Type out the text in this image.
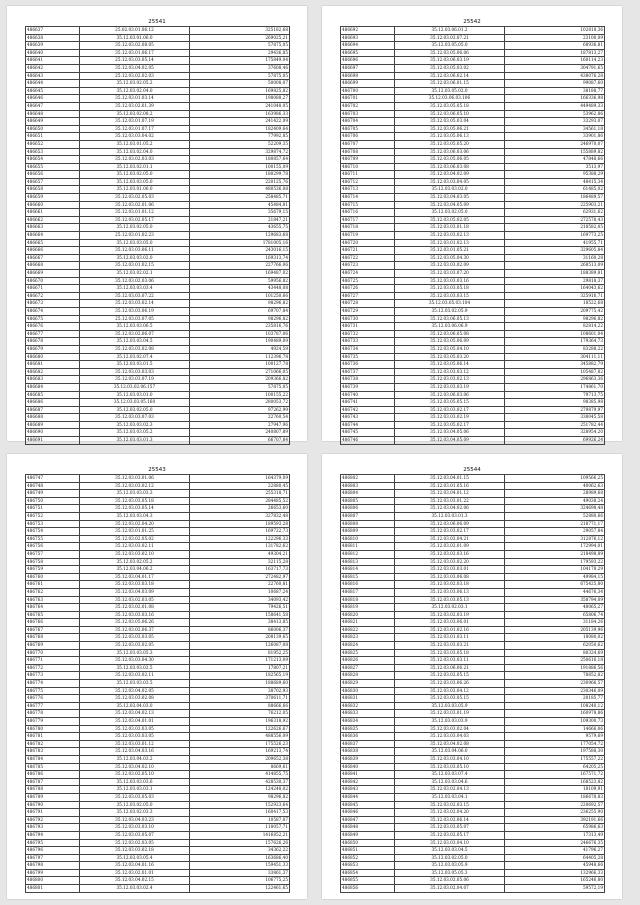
25541
486637	25.02.03.01.06.12	325182,68
486638	35.12.03.01.06.0	269025,21
486639	35.12.03.02.08.05	57875,05
486640	35.12.03.01.06.17	29436,85
486641	25.12.03.03.05.14	175849,04
486642	35.12.03.04.02.05	37608,46
486643	25.12.03.02.02.03	57875,05
486644	35.12.03.02.05.2	50008,07
486645	35.12.03.02.04.0	169825,82
486646	35.12.03.01.03.14	198088,27
486647	35.12.03.02.01.39	241048,05
486648	35.12.03.02.08.2	163986,33
486649	35.12.03.01.07.19	241422,09
486650	35.12.03.01.07.17	182409,64
486651	35.12.03.03.04.02	77992,85
486652	35.12.03.01.05.2	52209,35
486653	35.12.03.02.04.0	329874,72
486654	35.12.03.02.03.03	180857,64
486655	35.12.03.02.01.1	100155,09
486656	35.12.03.02.05.0	180299,78
486657	35.12.03.03.05.0	220125,76
486658	35.12.03.01.06.0	480536,08
486659	35.12.03.02.05.03	258485,71
486660	35.12.03.02.01.06	45484,81
486661	35.12.03.01.01.12	35679,15
486662	35.12.03.02.05.17	21847,21
486663	35.12.03.02.05.0	43655,75
486664	25.12.03.01.02.23	129683,68
486665	35.12.03.03.05.0	1781005,16
486666	35.12.03.03.06.11	243016,15
486667	35.12.03.03.02.0	169313,74
486668	35.12.03.01.02.15	227766,06
486669	35.12.03.02.02.1	169487,02
486670	35.12.03.02.03.06	59956,82
486671	35.12.03.03.03.4	43448,08
486672	35.12.03.03.07.22	101250,66
486673	35.12.03.03.02.14	98296,82
486674	35.12.03.03.06.19	69707,84
486675	25.12.03.03.07.05	98296,82
486676	35.12.03.03.06.5	235816,76
486677	35.12.03.02.06.07	103787,06
486678	35.12.03.03.04.5	190489,09
486679	35.12.03.03.02.08	4924,59
486680	35.12.03.02.07.4	112396,78
486681	35.12.03.03.01.5	100127,78
486682	35.12.03.03.03.03	271066,05
486683	35.12.03.03.07.19	209366,82
486684	35.12.03.02.06.157	57875,05
486685	35.12.03.03.01.0	100155,22
486686	35.12.03.03.05.160	280053,72
486687	35.12.03.02.05.0	97262,99
486688	35.12.03.03.07.03	22760,54
486689	35.12.03.03.02.3	27947,96
486690	35.12.03.03.05.2	240807,89
486691	35.12.03.03.01.3	66707,84
25542
486692	35.12.03.06.01.2	102818,36
486693	35.12.03.02.07.21	23100,09
486694	35.12.03.05.05.0	68936,81
486695	35.12.03.05.06.06	187813,27
486696	35.12.03.06.03.19	160114,23
486697	35.12.03.05.03.02	304791,65
486698	35.12.03.06.02.14	438076,28
486699	35.12.03.06.01.15	99087,60
486700	35.12.03.05.02.0	38188,77
486701	35.12.03.06.03.106	166336,98
486702	35.12.03.05.05.18	449489,33
486703	35.12.03.06.05.10	53962,86
486704	35.12.03.05.03.04	33293,07
486705	35.12.03.05.06.21	34561,18
486706	35.12.03.05.06.13	33901,86
486707	35.12.03.05.05.20	246970,07
486708	35.12.03.06.03.06	155889,82
486709	35.12.03.05.06.05	47848,66
486710	35.12.03.06.03.08	3513,97
486711	35.12.03.04.02.09	95388,29
486712	35.12.03.03.04.05	48415,34
486713	35.12.03.03.02.0	61485,02
486714	35.12.03.04.03.05	186489,57
486715	35.12.03.04.05.09	225903,21
486716	35.12.03.02.05.0	62931,62
486717	35.12.03.05.02.05	272578,43
486718	35.12.03.03.01.18	218582,05
486719	35.12.03.03.02.13	169773,25
486720	35.12.03.01.02.13	41955,71
486721	35.12.03.01.05.21	329605,84
486722	35.12.03.05.04.30	31160,28
486723	35.12.03.03.02.09	268513,09
486724	35.12.03.03.07.20	188389,81
486725	35.12.03.03.03.16	29818,37
486726	35.12.03.03.05.18	164043,62
486727	35.12.03.03.03.15	325916,71
486728	35.12.03.05.03.104	18522,68
486729	35.12.03.02.05.9	209775,42
486730	35.12.03.06.05.13	98296,82
486731	35.12.03.06.06.9	82814,22
486732	35.12.03.06.05.08	108601,04
486733	35.12.03.05.06.09	179364,73
486734	35.12.03.05.04.10	83288,22
486735	35.12.03.05.03.20	304111,11
486736	35.12.03.05.06.14	345882,79
486737	35.12.03.03.03.12	105487,82
486738	35.12.03.03.02.13	296863,36
486739	35.12.03.03.03.19	174861,70
486740	35.12.03.06.03.06	79713,75
486741	35.12.03.05.05.15	98385,98
486742	35.12.03.03.02.17	279879,97
486743	35.12.03.03.02.19	338045,58
486744	35.12.03.05.02.17	251782,44
486745	35.12.03.04.05.06	328954,20
486746	35.12.03.04.05.09	69926,24
25543
486747	35.12.03.03.01.06	164379,09
486748	35.12.03.03.02.12	22880,45
486749	35.12.03.03.03.3	255318,71
486750	35.12.03.03.05.18	284485,52
486751	35.12.03.03.05.14	26653,60
486752	35.12.03.03.04.3	327832,48
486753	35.12.03.02.04.20	189593,28
486754	35.12.03.01.01.25	169722,73
486755	35.12.03.02.05.02	122296,33
486756	35.12.03.03.02.11	131782,62
486757	35.12.03.03.02.10	49304,21
486758	35.12.03.02.05.2	32115,28
486759	35.12.03.04.06.2	163717,73
486760	35.12.03.04.01.17	272482,97
486761	35.12.03.03.03.18	22760,81
486762	35.12.03.04.03.09	10687,24
486763	35.12.03.02.03.05	34093,42
486764	35.12.03.02.01.08	79426,51
486765	35.12.03.03.03.16	158641,58
486766	35.12.03.05.06.26	38413,85
486767	35.12.03.02.06.37	86006,37
486768	35.12.03.03.03.05	208139,65
486769	35.12.03.03.02.05	126087,08
486770	35.12.03.03.05.3	81952,25
486771	35.12.03.03.04.30	171213,09
486772	35.12.03.03.02.5	17807,21
486773	35.12.03.03.02.11	182565,19
486774	35.12.03.03.03.5	188689,60
486775	35.12.03.04.02.05	38702,93
486776	35.12.03.03.02.08	370611,71
486777	35.12.03.04.03.0	88666,66
486778	35.12.03.04.02.13	76212,05
486779	35.12.03.04.01.01	196318,92
486780	35.12.03.03.03.05	122626,67
486781	35.12.03.03.03.05	488556,09
486782	35.12.03.03.01.12	175526,23
486783	35.12.03.04.03.16	169213,74
486784	35.12.03.04.03.2	209652,38
486785	35.12.03.04.02.10	8669,61
486786	35.12.03.02.05.10	414855,75
486787	35.12.03.03.03.6	428530,37
486788	35.12.03.03.03.1	124248,02
486789	35.12.03.03.05.03	98296,82
486790	35.12.03.02.05.0	152923,64
486791	35.12.03.02.03.3	160417,53
486792	35.12.03.04.03.23	10587,07
486793	35.12.03.03.03.10	118057,71
486794	35.12.03.03.05.07	1416852,21
486795	35.12.03.02.03.05	157626,26
486796	35.12.03.03.02.18	34362,22
486797	35.12.03.03.05.4	163686,40
486798	35.12.03.04.01.16	159451,33
486799	35.12.03.02.01.01	33861,37
486800	35.12.03.04.02.15	106775,25
486801	35.12.03.03.02.4	122461,65
25544
486802	35.12.03.04.01.15	109566,25
486803	35.12.03.01.05.16	40062,63
486804	35.12.03.04.01.12	28989,68
486805	35.12.03.03.01.22	49038,24
486806	35.12.03.04.02.06	324698,48
486807	35.12.03.03.01.3	52880,66
486808	35.12.03.06.06.09	218771,17
486809	35.12.03.03.02.17	29057,84
486810	35.12.03.02.04.21	312876,12
486811	35.12.03.02.01.09	172994,01
486812	35.12.03.02.03.16	218498,89
486813	35.12.03.03.02.20	179593,22
486814	35.12.03.03.03.01	104178,29
486815	35.12.03.03.06.08	49984,15
486816	35.12.03.02.03.18	675425,80
486817	35.12.03.03.06.13	44676,34
486818	35.12.03.03.05.13	358794,09
486819	35.12.03.02.03.1	48065,27
486820	35.12.03.02.03.19	65806,74
486821	35.12.03.03.06.01	31184,26
486822	35.12.03.01.02.16	205139,96
486823	35.12.03.01.03.11	18080,02
486824	35.12.03.03.03.21	62050,62
486825	35.12.03.03.05.18	80324,69
486826	35.12.03.03.03.11	250616,18
486827	35.12.03.06.06.21	191886,56
486828	35.12.03.02.05.15	78852,82
486829	35.12.03.03.06.26	230966,57
486830	35.12.03.02.04.12	230346,09
486831	35.12.03.03.05.15	20185,77
486832	35.12.03.03.05.9	108240,12
486833	35.12.03.03.01.19	160978,86
486834	35.12.03.03.03.9	109300,73
486835	35.12.03.03.02.04	14666,06
486836	35.12.03.03.04.03	9579,69
486837	35.12.03.04.02.08	177054,72
486838	35.12.03.04.06.0	197588,30
486839	35.12.03.03.04.10	175557,22
486840	35.12.03.03.05.10	64205,25
486841	35.12.03.03.07.4	167571,72
486842	35.12.03.03.04.6	168523,82
486843	35.12.03.02.04.13	18109,91
486844	35.12.03.03.04.1	186678,83
486845	35.12.03.02.03.15	220692,57
486846	35.12.03.02.04.20	236255,90
486847	35.12.03.02.06.14	392191,66
486848	35.12.03.03.05.07	65986,63
486849	35.12.03.02.05.17	17313,49
486850	35.12.03.03.04.10	246676,35
486851	35.12.03.03.04.5	41796,27
486852	35.12.03.02.05.0	64405,28
486853	35.12.03.03.05.9	45948,66
486854	35.12.03.05.05.3	132966,33
486855	35.12.03.02.05.06	165246,80
486856	35.12.03.02.04.07	59572,19
